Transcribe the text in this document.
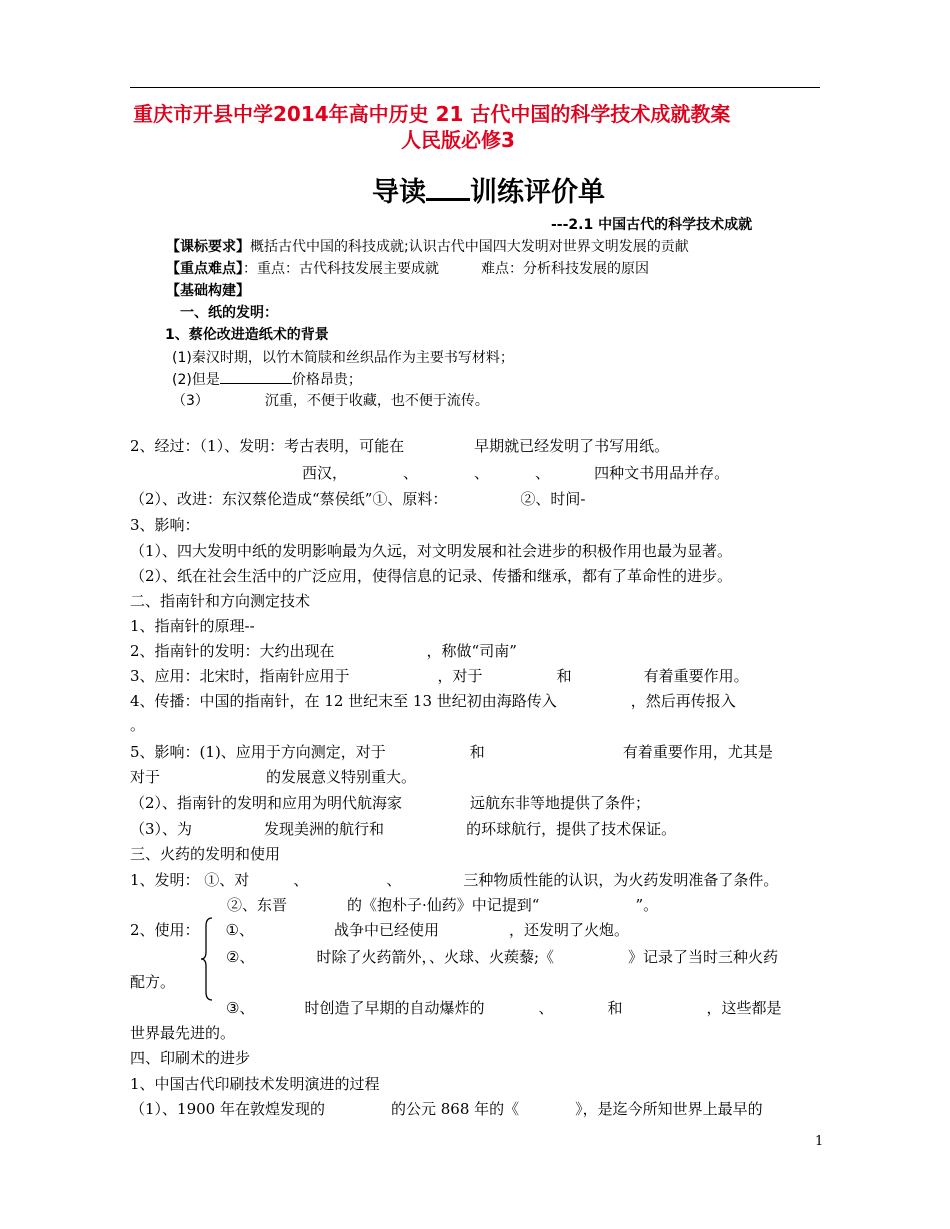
重庆市开县中学2014年高中历史 21 古代中国的科学技术成就教案
人民版必修3
导读 训练评价单
---2.1 中国古代的科学技术成就
【课标要求】概括古代中国的科技成就;认识古代中国四大发明对世界文明发展的贡献
【重点难点】：重点：古代科技发展主要成就	难点：分析科技发展的原因
【基础构建】
一、纸的发明：
1、蔡伦改进造纸术的背景
(1)秦汉时期，以竹木简牍和丝织品作为主要书写材料；
(2)但是	价格昂贵；
（3）	沉重，不便于收藏，也不便于流传。
2、经过：（1）、发明：考古表明，可能在	早期就已经发明了书写用纸。
西汉，	、	、	、	四种文书用品并存。
（2）、改进：东汉蔡伦造成“蔡侯纸”①、原料：	②、时间-
3、影响：
（1）、四大发明中纸的发明影响最为久远，对文明发展和社会进步的积极作用也最为显著。
（2）、纸在社会生活中的广泛应用，使得信息的记录、传播和继承，都有了革命性的进步。
二、指南针和方向测定技术
1、指南针的原理--
2、指南针的发明：大约出现在	，称做“司南”
3、应用：北宋时，指南针应用于	，对于	和	有着重要作用。
4、传播：中国的指南针，在 12 世纪末至 13 世纪初由海路传入	，然后再传报入
。
5、影响：(1)、应用于方向测定，对于	和	有着重要作用，尤其是
对于	的发展意义特别重大。
（2）、指南针的发明和应用为明代航海家	远航东非等地提供了条件；
（3）、为	发现美洲的航行和	的环球航行，提供了技术保证。
三、火药的发明和使用
1、发明： ①、对	、	、	三种物质性能的认识，为火药发明准备了条件。
②、东晋	的《抱朴子·仙药》中记提到“	”。
2、使用： ①、	战争中已经使用	，还发明了火炮。
②、	时除了火药箭外，、火球、火蒺藜;《	》记录了当时三种火药
配方。
③、	时创造了早期的自动爆炸的	、	和	，这些都是
世界最先进的。
四、印刷术的进步
1、中国古代印刷技术发明演进的过程
（1）、1900 年在敦煌发现的	的公元 868 年的《	》，是迄今所知世界上最早的
1
